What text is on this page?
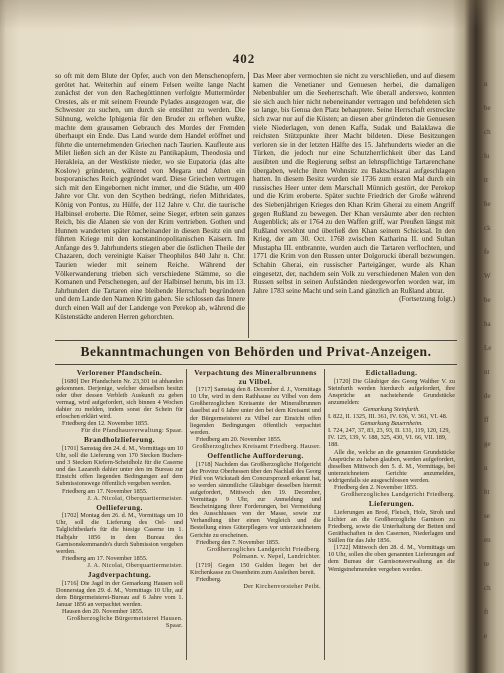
402

so oft mit dem Blute der Opfer, auch von den Menschenopfern, gerötet hat. Weiterhin auf einem Felsen weilte lange Nacht zunächst der von den Rachegöttinnen verfolgte Muttermörder Orestes, als er mit seinem Freunde Pylades ausgezogen war, die Schwester zu suchen, um durch sie entsühnt zu werden. Die Sühnung, welche Iphigenia für den Bruder zu erflehen wußte, machte dem grausamen Gebrauch des Mordes der Fremden überhaupt ein Ende. Das Land wurde dem Handel eröffnet und führte die unternehmenden Griechen nach Taurien. Kaufleute aus Milet ließen sich an der Küste zu Pantikapäum, Theodosia und Herakleia, an der Westküste nieder, wo sie Eupatoria (das alte Koslow) gründeten, während von Megara und Athen ein bosporanisches Reich gegründet ward. Diese Griechen vertrugen sich mit den Eingebornen nicht immer, und die Städte, um 400 Jahre vor Chr. von den Scythen bedrängt, riefen Mithridates, König von Pontus, zu Hülfe, der 112 Jahre v. Chr. die taurische Halbinsel eroberte. Die Römer, seine Sieger, erbten sein ganzes Reich, bis die Alanen sie von der Krim vertrieben. Gothen und Hunnen wanderten später nacheinander in diesen Besitz ein und führten Kriege mit den konstantinopolitanischen Kaisern. Im Anfange des 9. Jahrhunderts stiegen aber die östlichen Theile der Chazaren, doch vereinigte Kaiser Theophilos 840 Jahr n. Chr. Taurien wieder mit seinem Reiche. Während der Völkerwanderung trieben sich verschiedene Stämme, so die Komanen und Petschenegen, auf der Halbinsel herum, bis im 13. Jahrhundert die Tartaren eine bleibende Herrschaft begründeten und dem Lande den Namen Krim gaben. Sie schlossen das Innere durch einen Wall auf der Landenge von Perekop ab, während die Küstenstädte anderen Herren gehorchten.

Das Meer aber vermochten sie nicht zu verschließen, und auf diesem kamen die Venetianer und Genuesen herbei, die damaligen Nebenbuhler um die Seeherrschaft. Wie überall anderswo, konnten sie sich auch hier nicht nebeneinander vertragen und befehdeten sich so lange, bis Genua den Platz behauptete. Seine Herrschaft erstreckte sich zwar nur auf die Küsten; an diesen aber gründeten die Genuesen viele Niederlagen, von denen Kaffa, Sudak und Balaklawa die reichsten Stützpunkte ihrer Macht bildeten. Diese Besitzungen verloren sie in der letzten Hälfte des 15. Jahrhunderts wieder an die Türken, die jedoch nur eine Schutzherrlichkeit über das Land ausübten und die Regierung selbst an lehnspflichtige Tartarenchane übergaben, welche ihren Wohnsitz zu Baktschisarai aufgeschlagen hatten. In diesem Besitz wurden sie 1736 zum ersten Mal durch ein russisches Heer unter dem Marschall Münnich gestört, der Perekop und die Krim eroberte. Später suchte Friedrich der Große während des Siebenjährigen Krieges den Khan Krim Gherai zu einem Angriff gegen Rußland zu bewegen. Der Khan versäumte aber den rechten Augenblick; als er 1764 zu den Waffen griff, war Preußen längst mit Rußland versöhnt und überließ den Khan seinem Schicksal. In den Krieg, der am 30. Oct. 1768 zwischen Katharina II. und Sultan Mustapha III. entbrannte, wurden auch die Tartaren verflochten, und 1771 die Krim von den Russen unter Dolgorucki überall bezwungen. Schahin Gherai, ein russischer Parteigänger, wurde als Khan eingesetzt, der, nachdem sein Volk zu verschiedenen Malen von den Russen selbst in seinen Aufständen niedergeworfen worden war, im Jahre 1783 seine Macht und sein Land gänzlich an Rußland abtrat.

(Fortsetzung folgt.)
Bekanntmachungen von Behörden und Privat-Anzeigen.
Verlorener Pfandschein.
[1680] Der Pfandschein Nr. 23,301 ist abhanden gekommen. Derjenige, welcher denselben besitzt oder über dessen Verbleib Auskunft zu geben vermag, wird aufgefordert, sich binnen 4 Wochen dahier zu melden, indem sonst der Schein für erloschen erklärt wird.
Friedberg den 12. November 1855.
Für die Pfandhausverwaltung: Spaar.
Brandholzlieferung.
[1701] Samstag den 24. d. M., Vormittags um 10 Uhr, soll die Lieferung von 170 Stecken Buchen- und 3 Stecken Kiefern-Scheidholz für die Caserne und das Lazareth dahier unter den im Bureau zur Einsicht offen liegenden Bedingungen auf dem Submissionswege öffentlich vergeben werden.
Friedberg am 17. November 1855.
J. A. Nicolai, Oberquartiermeister.
Oellieferung.
[1702] Montag den 26. d. M., Vormittags um 10 Uhr, soll die Lieferung des Oel- und Talglichtbedarfs für die hiesige Caserne im 1. Halbjahr 1856 in dem Bureau des Garnisonskommando's durch Submission vergeben werden.
Friedberg am 17. November 1855.
J. A. Nicolai, Oberquartiermeister.
Jagdverpachtung.
[1716] Die Jagd in der Gemarkung Hausen soll Donnerstag den 29. d. M., Vormittags 10 Uhr, auf dem Bürgermeisterei-Bureau auf 6 Jahre vom 1. Januar 1856 an verpachtet werden.
Hausen den 20. November 1855.
Großherzogliche Bürgermeisterei Hausen. Spaar.
Verpachtung des Mineralbrunnens zu Vilbel.
[1717] Samstag den 8. December d. J., Vormittags 10 Uhr, wird in dem Rathhause zu Vilbel von dem Großherzoglichen Kreisamte der Mineralbrunnen daselbst auf 6 Jahre unter den bei dem Kreisamt und der Bürgermeisterei zu Vilbel zur Einsicht offen liegenden Bedingungen öffentlich verpachtet werden.
Friedberg am 20. November 1855.
Großherzogliches Kreisamt Friedberg. Hauser.
Oeffentliche Aufforderung.
[1718] Nachdem das Großherzogliche Hofgericht der Provinz Oberhessen über den Nachlaß des Georg Pfeil von Wickstadt den Concursprozeß erkannt hat, so werden sämmtliche Gläubiger desselben hiermit aufgefordert, Mittwoch den 19. December, Vormittags 9 Uhr, zur Anmeldung und Bescheinigung ihrer Forderungen, bei Vermeidung des Ausschlusses von der Masse, sowie zur Verhandlung über einen Vergleich und die Bestellung eines Güterpflegers vor unterzeichnetem Gerichte zu erscheinen.
Friedberg den 7. November 1855.
Großherzogliches Landgericht Friedberg. Polmann. v. Nepel, Landrichter.
[1719] Gegen 150 Gulden liegen bei der Kirchenkasse zu Ossenheim zum Ausleihen bereit.
Friedberg.
Der Kirchenvorsteher Peibt.
Edictalladung.
[1720] Die Gläubiger des Georg Walther V. zu Steinfurth werden hierdurch aufgefordert, ihre Ansprüche an nachstehende Grundstücke anzumelden:
Gemarkung Steinfurth.
I. 822, II. 1325, III. 361, IV. 636, V. 361, VI. 48.
Gemarkung Bauernheim.
I. 724, 247, 37, 83, 23, 93, II. 131, 119, 120, 129, IV. 125, 139, V. 188, 325, 430, VI. 66, VII. 189, 188.
Alle die, welche an die genannten Grundstücke Ansprüche zu haben glauben, werden aufgefordert, dieselben Mittwoch den 5. d. M., Vormittags, bei unterzeichnetem Gerichte anzumelden, widrigenfalls sie ausgeschlossen werden.
Friedberg den 2. November 1855.
Großherzogliches Landgericht Friedberg.
Lieferungen.
Lieferungen an Brod, Fleisch, Holz, Stroh und Lichter an die Großherzogliche Garnison zu Friedberg, sowie die Unterhaltung der Betten und Geräthschaften in den Casernen, Niederlagen und Ställen für das Jahr 1856.
[1722] Mittwoch den 28. d. M., Vormittags um 10 Uhr, sollen die oben genannten Lieferungen auf dem Bureau der Garnisonsverwaltung an die Wenigstnehmenden vergeben werden.
u
be
ch
lu
tr
he
ck
fe
W
be
ha
Le
nt
de
ff
ge
u
ht
se
en
te
ch
ft
e
